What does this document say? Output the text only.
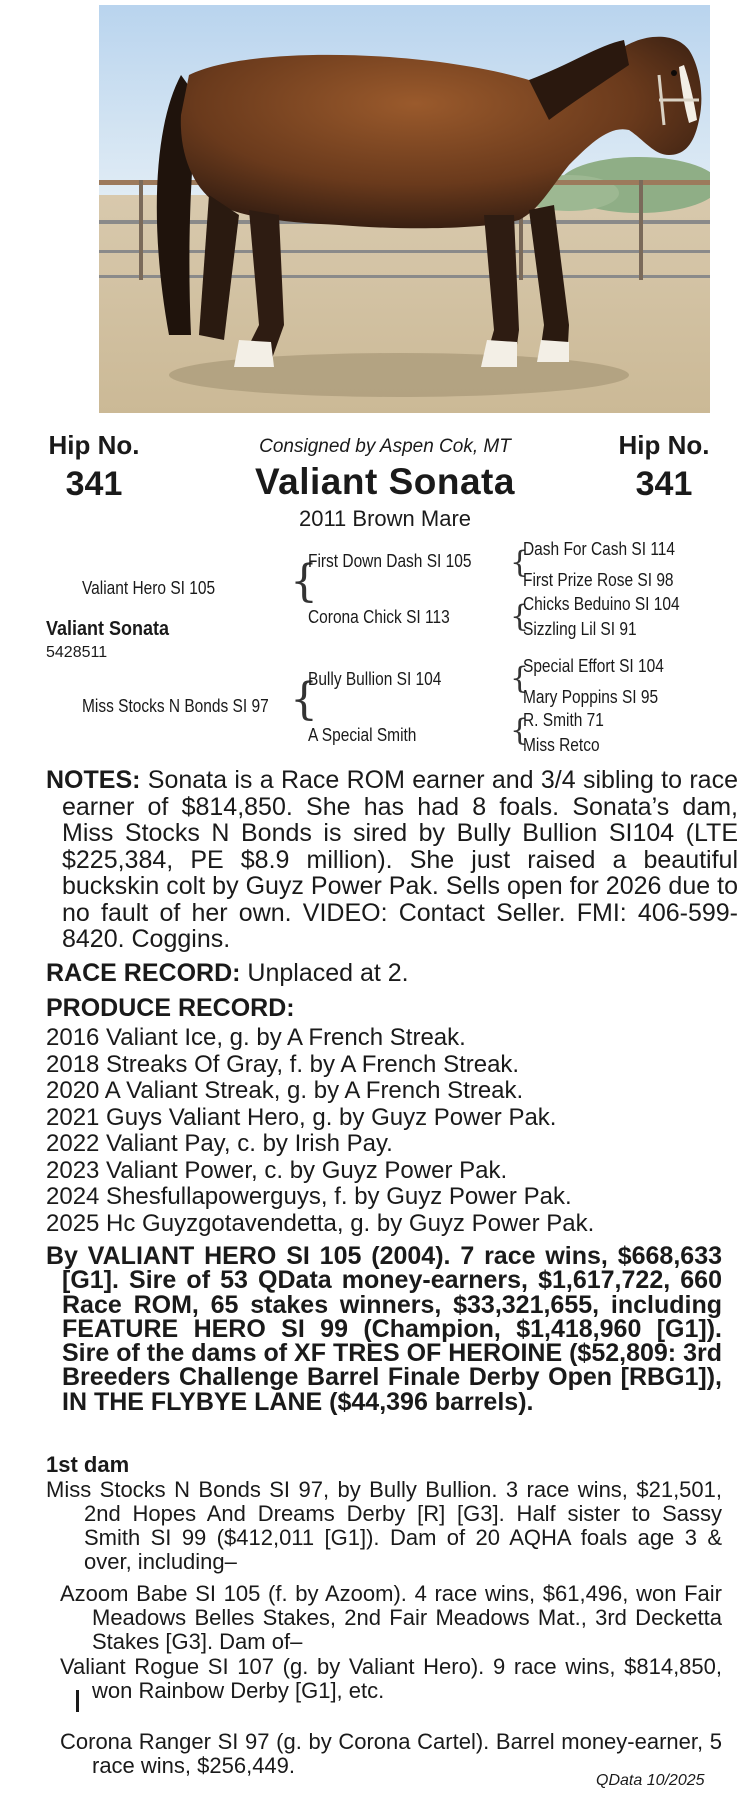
Hip No.
341
Hip No.
341
Consigned by Aspen Cok, MT
Valiant Sonata
2011 Brown Mare
Valiant Hero SI 105
Valiant Sonata
5428511
Miss Stocks N Bonds SI 97
{
{
First Down Dash SI 105
Corona Chick SI 113
Bully Bullion SI 104
A Special Smith
{
{
{
{
Dash For Cash SI 114
First Prize Rose SI 98
Chicks Beduino SI 104
Sizzling Lil SI 91
Special Effort SI 104
Mary Poppins SI 95
R. Smith 71
Miss Retco
NOTES: Sonata is a Race ROM earner and 3/4 sibling to race earner of $814,850. She has had 8 foals. Sonata’s dam, Miss Stocks N Bonds is sired by Bully Bullion SI104 (LTE $225,384, PE $8.9 million). She just raised a beautiful buckskin colt by Guyz Power Pak. Sells open for 2026 due to no fault of her own. VIDEO: Contact Seller. FMI: 406-599-8420. Coggins.
RACE RECORD: Unplaced at 2.
PRODUCE RECORD:
2016 Valiant Ice, g. by A French Streak.
2018 Streaks Of Gray, f. by A French Streak.
2020 A Valiant Streak, g. by A French Streak.
2021 Guys Valiant Hero, g. by Guyz Power Pak.
2022 Valiant Pay, c. by Irish Pay.
2023 Valiant Power, c. by Guyz Power Pak.
2024 Shesfullapowerguys, f. by Guyz Power Pak.
2025 Hc Guyzgotavendetta, g. by Guyz Power Pak.
By VALIANT HERO SI 105 (2004). 7 race wins, $668,633 [G1]. Sire of 53 QData money-earners, $1,617,722, 660 Race ROM, 65 stakes winners, $33,321,655, including FEATURE HERO SI 99 (Champion, $1,418,960 [G1]). Sire of the dams of XF TRES OF HEROINE ($52,809: 3rd Breeders Challenge Barrel Finale Derby Open [RBG1]), IN THE FLYBYE LANE ($44,396 barrels).
1st dam
Miss Stocks N Bonds SI 97, by Bully Bullion. 3 race wins, $21,501, 2nd Hopes And Dreams Derby [R] [G3]. Half sister to Sassy Smith SI 99 ($412,011 [G1]). Dam of 20 AQHA foals age 3 & over, including–
Azoom Babe SI 105 (f. by Azoom). 4 race wins, $61,496, won Fair Meadows Belles Stakes, 2nd Fair Meadows Mat., 3rd Decketta Stakes [G3]. Dam of–
Valiant Rogue SI 107 (g. by Valiant Hero). 9 race wins, $814,850, won Rainbow Derby [G1], etc.
Corona Ranger SI 97 (g. by Corona Cartel). Barrel money-earner, 5 race wins, $256,449.
QData 10/2025
